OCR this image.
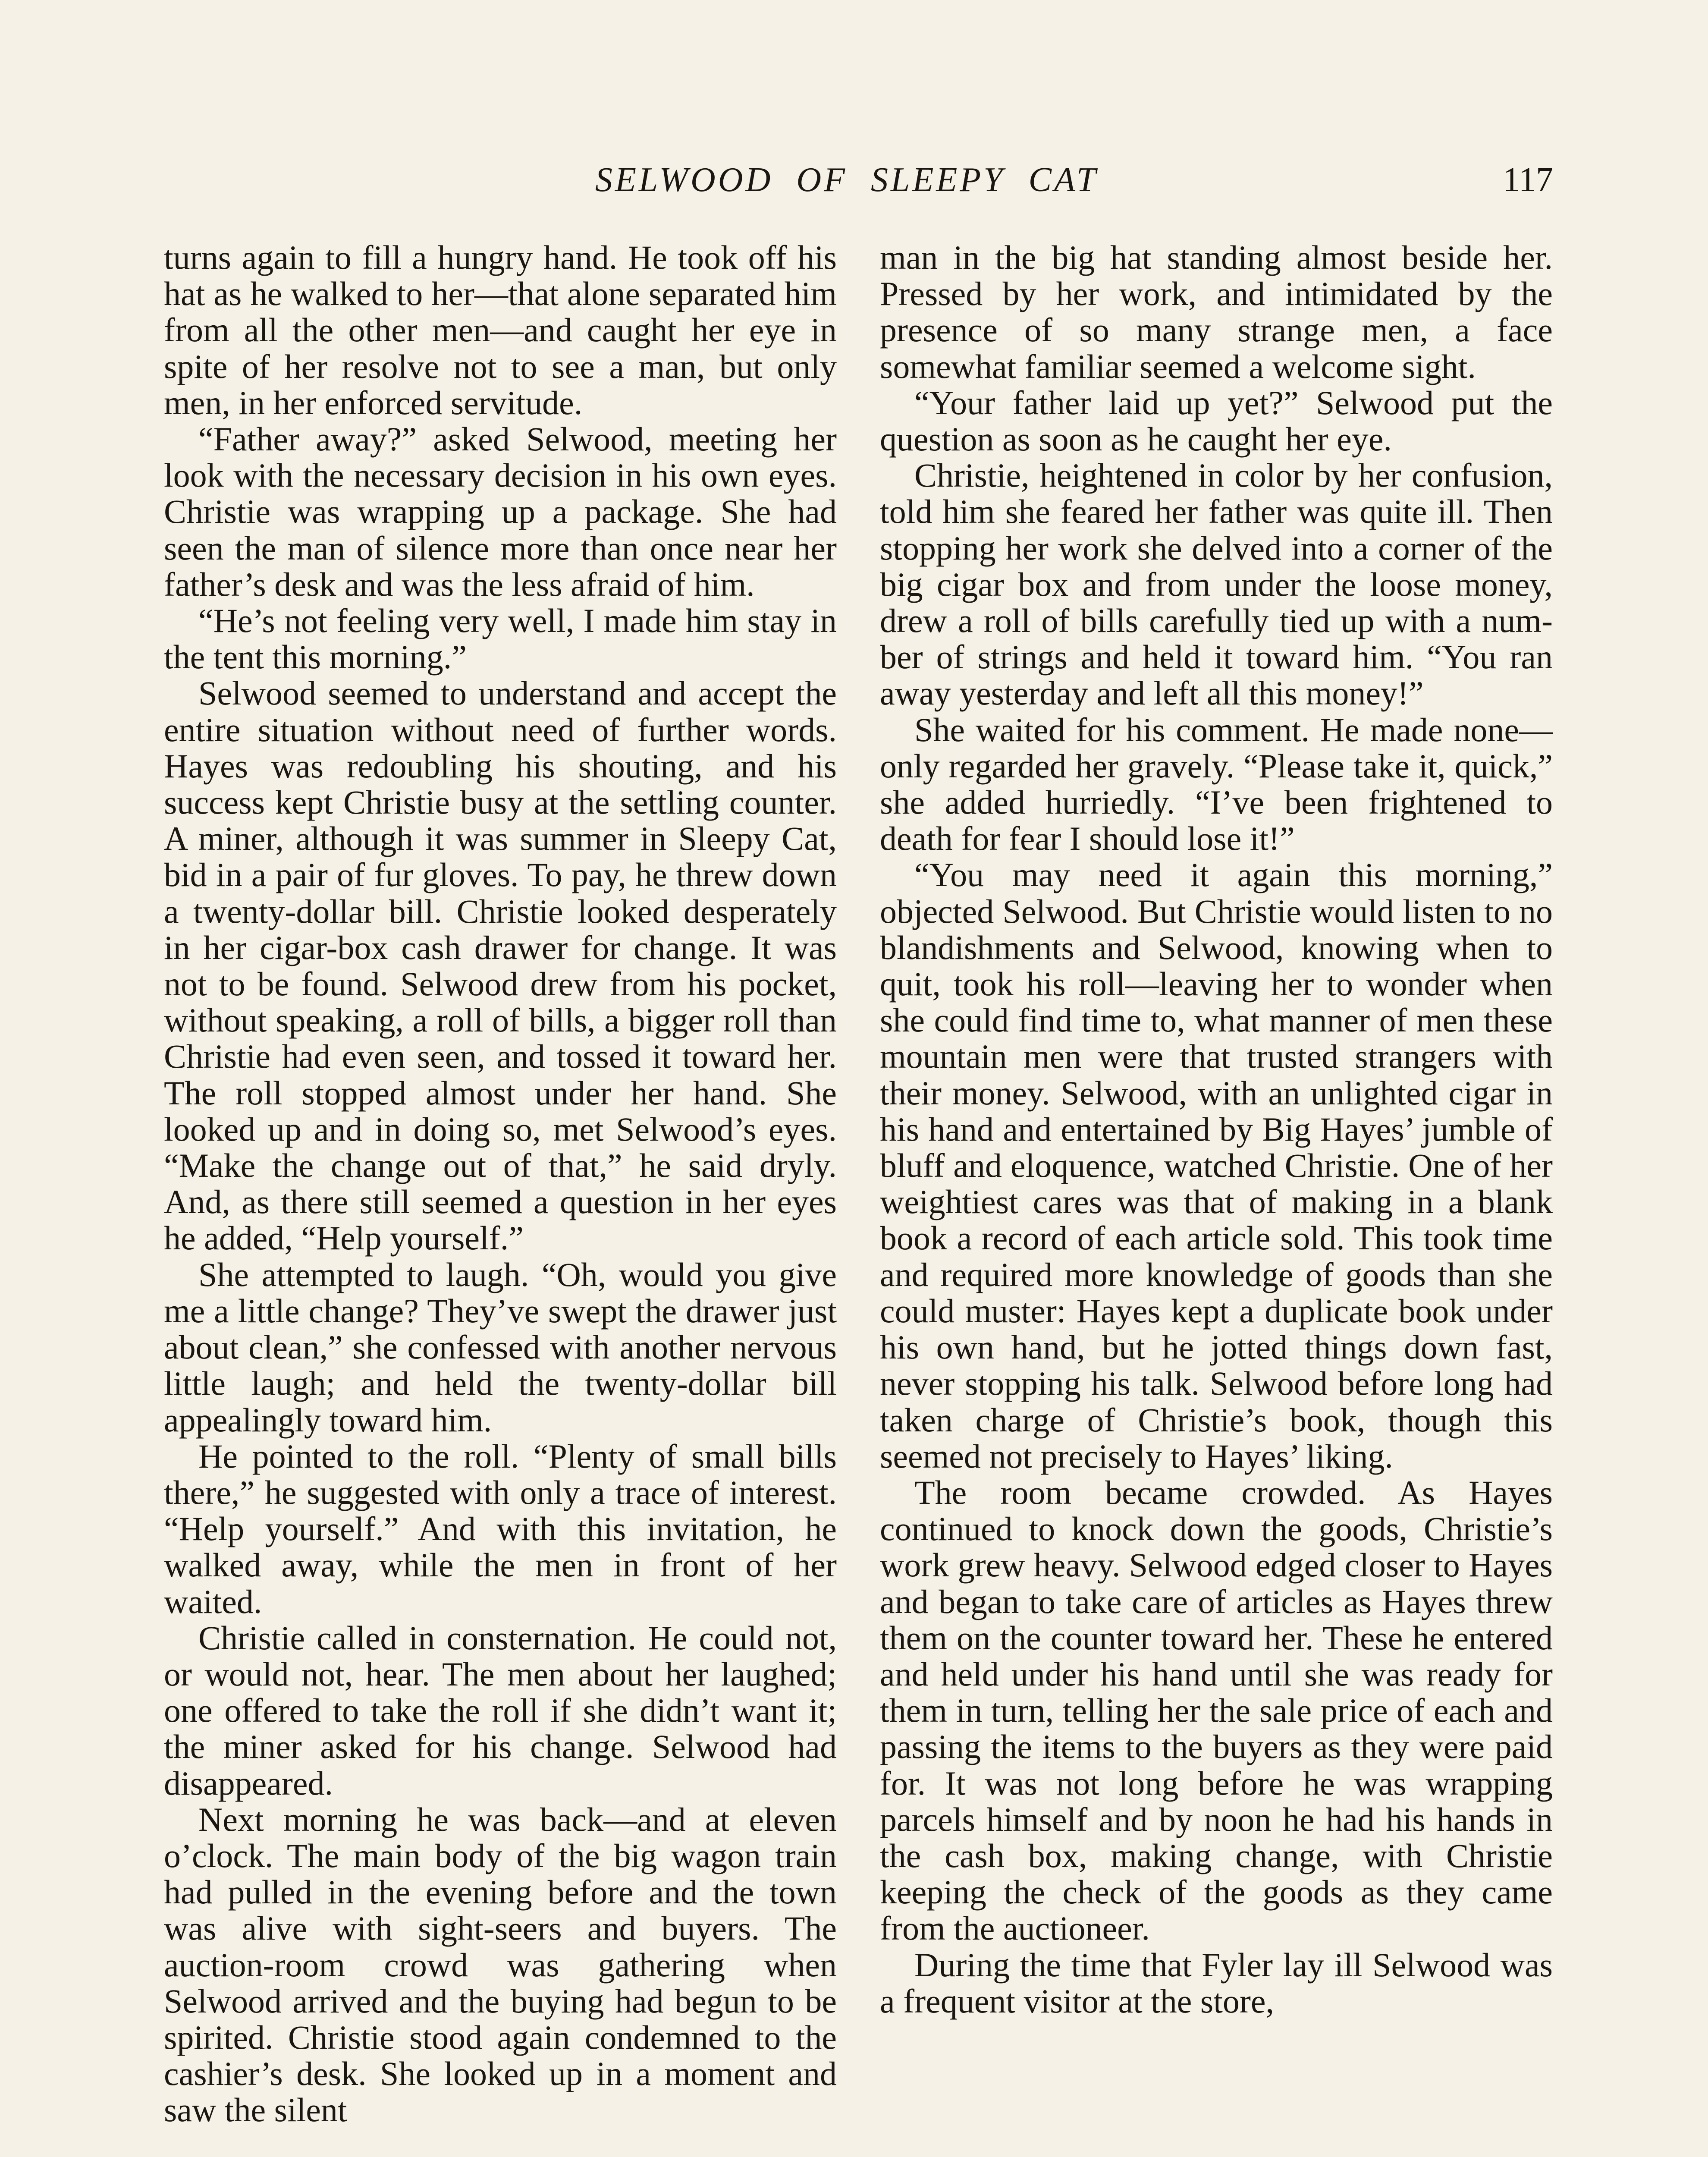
SELWOOD OF SLEEPY CAT	117

turns again to fill a hungry hand. He took off his hat as he walked to her—that alone separated him from all the other men—and caught her eye in spite of her resolve not to see a man, but only men, in her enforced servitude.

“Father away?” asked Selwood, meeting her look with the necessary decision in his own eyes. Christie was wrapping up a package. She had seen the man of silence more than once near her father’s desk and was the less afraid of him.

“He’s not feeling very well, I made him stay in the tent this morning.”

Selwood seemed to understand and accept the entire situation without need of further words. Hayes was redoubling his shouting, and his success kept Christie busy at the settling counter. A miner, although it was summer in Sleepy Cat, bid in a pair of fur gloves. To pay, he threw down a twenty-dollar bill. Christie looked desperately in her cigar-box cash drawer for change. It was not to be found. Selwood drew from his pocket, without speaking, a roll of bills, a bigger roll than Christie had even seen, and tossed it toward her. The roll stopped almost under her hand. She looked up and in doing so, met Selwood’s eyes. “Make the change out of that,” he said dryly. And, as there still seemed a question in her eyes he added, “Help yourself.”

She attempted to laugh. “Oh, would you give me a little change? They’ve swept the drawer just about clean,” she confessed with another nervous little laugh; and held the twenty-dollar bill appealingly toward him.

He pointed to the roll. “Plenty of small bills there,” he suggested with only a trace of interest. “Help yourself.” And with this invitation, he walked away, while the men in front of her waited.

Christie called in consternation. He could not, or would not, hear. The men about her laughed; one offered to take the roll if she didn’t want it; the miner asked for his change. Selwood had disappeared.

Next morning he was back—and at eleven o’clock. The main body of the big wagon train had pulled in the evening before and the town was alive with sight-seers and buyers. The auction-room crowd was gathering when Selwood arrived and the buying had begun to be spirited. Christie stood again condemned to the cashier’s desk. She looked up in a moment and saw the silent

man in the big hat standing almost beside her. Pressed by her work, and intimidated by the presence of so many strange men, a face somewhat familiar seemed a welcome sight.

“Your father laid up yet?” Selwood put the question as soon as he caught her eye.

Christie, heightened in color by her confusion, told him she feared her father was quite ill. Then stopping her work she delved into a corner of the big cigar box and from under the loose money, drew a roll of bills carefully tied up with a number of strings and held it toward him. “You ran away yesterday and left all this money!”

She waited for his comment. He made none—only regarded her gravely. “Please take it, quick,” she added hurriedly. “I’ve been frightened to death for fear I should lose it!”

“You may need it again this morning,” objected Selwood. But Christie would listen to no blandishments and Selwood, knowing when to quit, took his roll—leaving her to wonder when she could find time to, what manner of men these mountain men were that trusted strangers with their money. Selwood, with an unlighted cigar in his hand and entertained by Big Hayes’ jumble of bluff and eloquence, watched Christie. One of her weightiest cares was that of making in a blank book a record of each article sold. This took time and required more knowledge of goods than she could muster: Hayes kept a duplicate book under his own hand, but he jotted things down fast, never stopping his talk. Selwood before long had taken charge of Christie’s book, though this seemed not precisely to Hayes’ liking.

The room became crowded. As Hayes continued to knock down the goods, Christie’s work grew heavy. Selwood edged closer to Hayes and began to take care of articles as Hayes threw them on the counter toward her. These he entered and held under his hand until she was ready for them in turn, telling her the sale price of each and passing the items to the buyers as they were paid for. It was not long before he was wrapping parcels himself and by noon he had his hands in the cash box, making change, with Christie keeping the check of the goods as they came from the auctioneer.

During the time that Fyler lay ill Selwood was a frequent visitor at the store,
